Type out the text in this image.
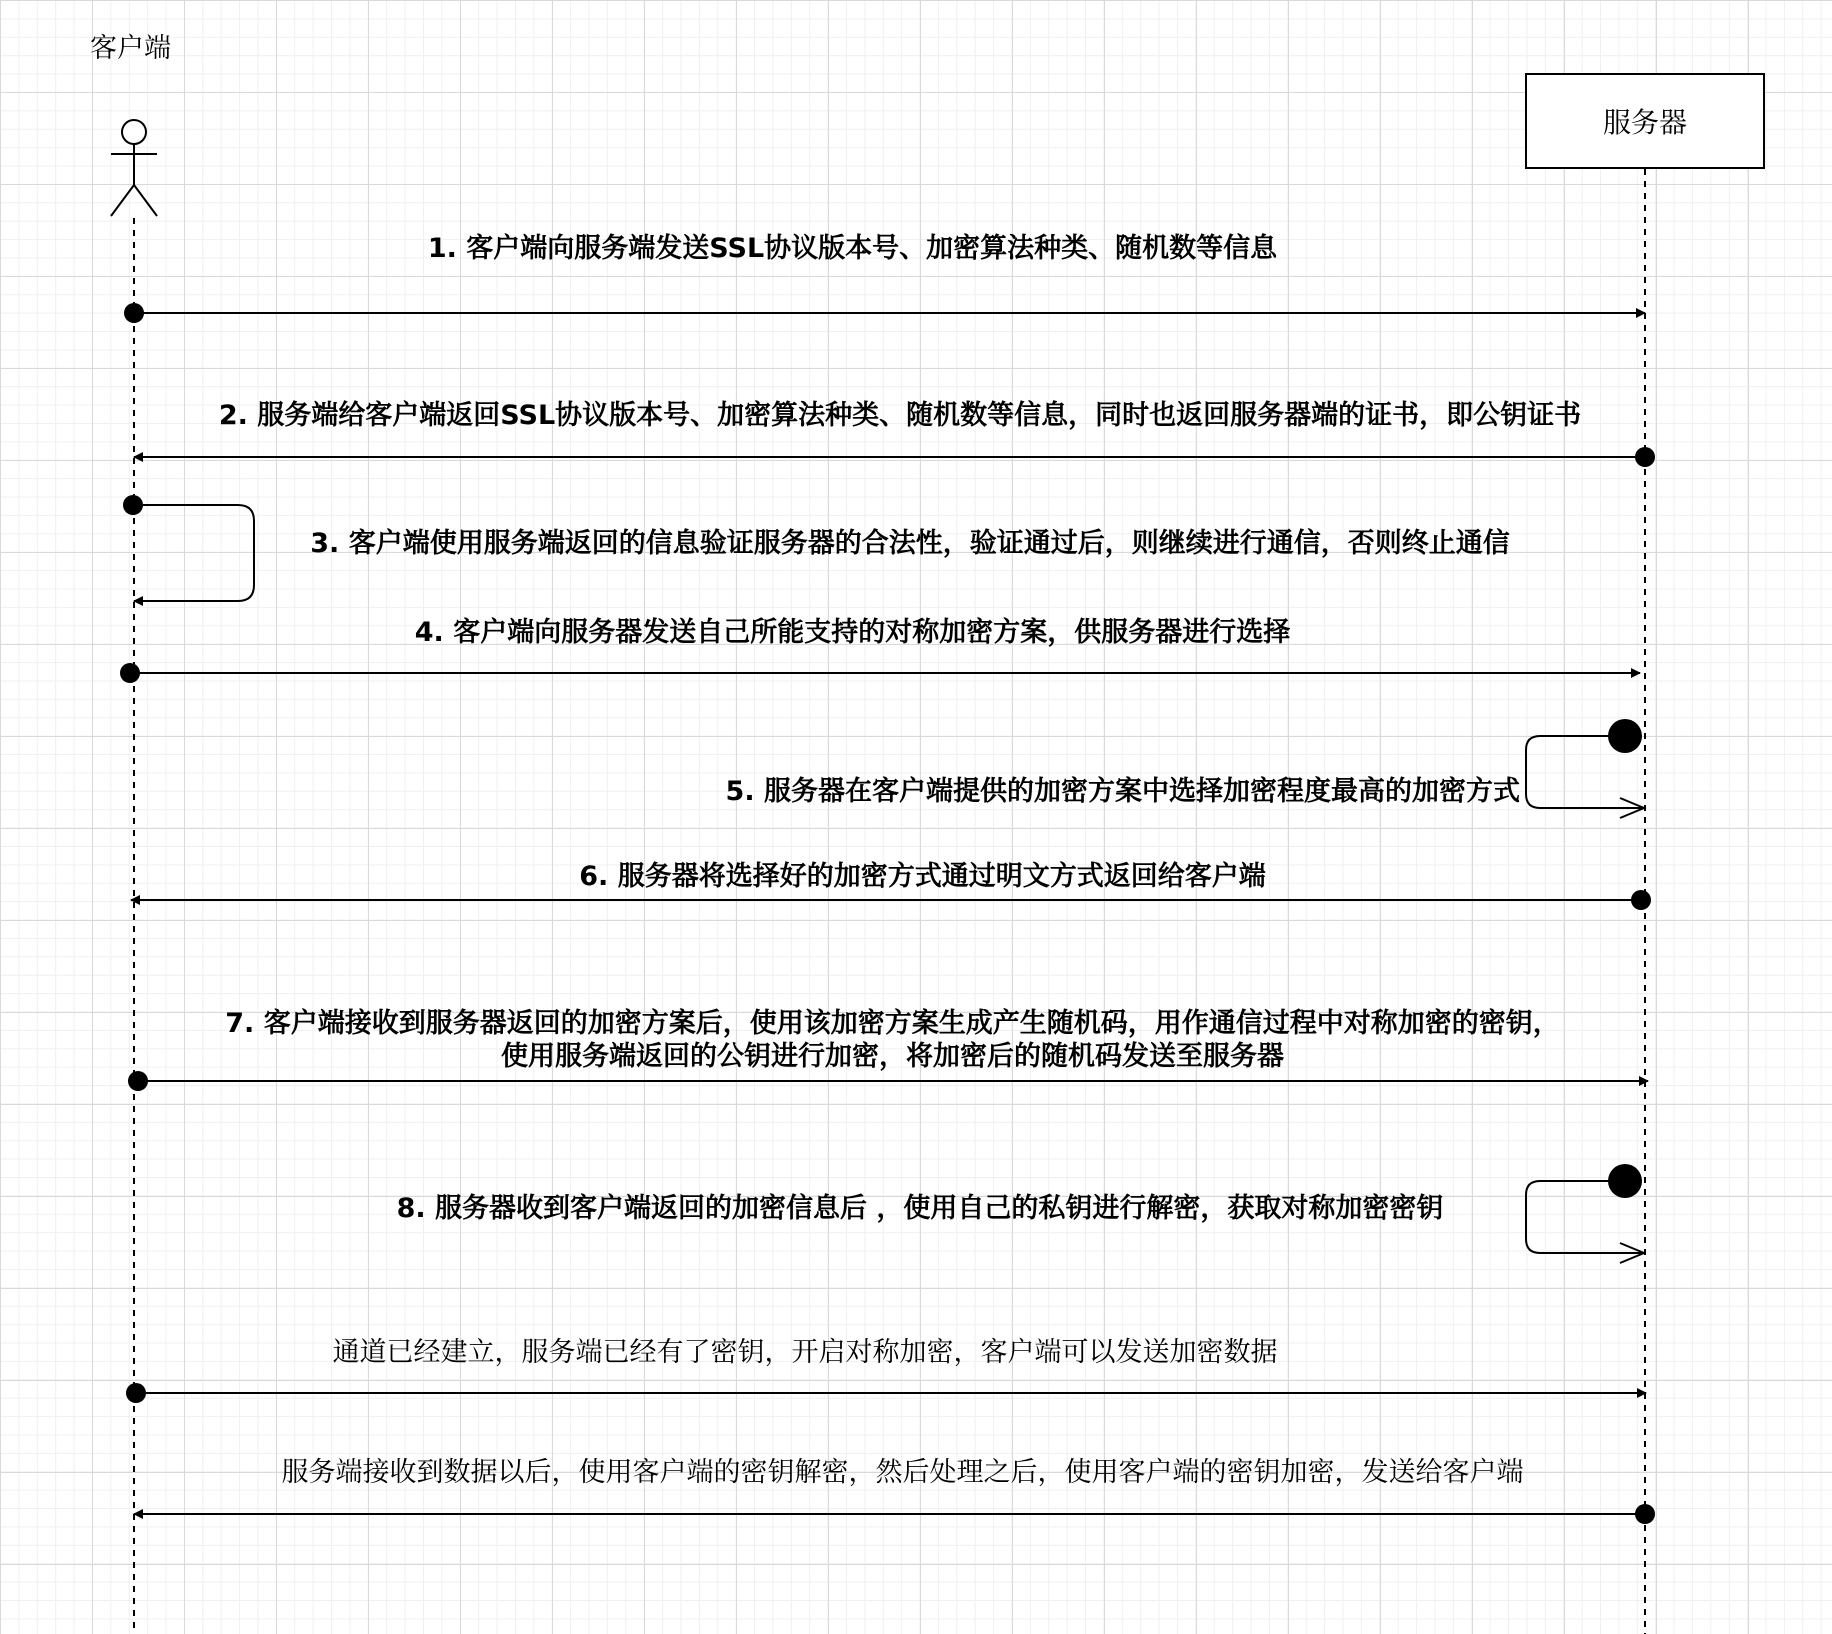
客户端
服务器
1. 客户端向服务端发送SSL协议版本号、加密算法种类、随机数等信息
2. 服务端给客户端返回SSL协议版本号、加密算法种类、随机数等信息，同时也返回服务器端的证书，即公钥证书
3. 客户端使用服务端返回的信息验证服务器的合法性，验证通过后，则继续进行通信，否则终止通信
4. 客户端向服务器发送自己所能支持的对称加密方案，供服务器进行选择
5. 服务器在客户端提供的加密方案中选择加密程度最高的加密方式
6. 服务器将选择好的加密方式通过明文方式返回给客户端
7. 客户端接收到服务器返回的加密方案后，使用该加密方案生成产生随机码，用作通信过程中对称加密的密钥，
使用服务端返回的公钥进行加密，将加密后的随机码发送至服务器
8. 服务器收到客户端返回的加密信息后 ，使用自己的私钥进行解密，获取对称加密密钥
通道已经建立，服务端已经有了密钥，开启对称加密，客户端可以发送加密数据
服务端接收到数据以后，使用客户端的密钥解密，然后处理之后，使用客户端的密钥加密，发送给客户端
